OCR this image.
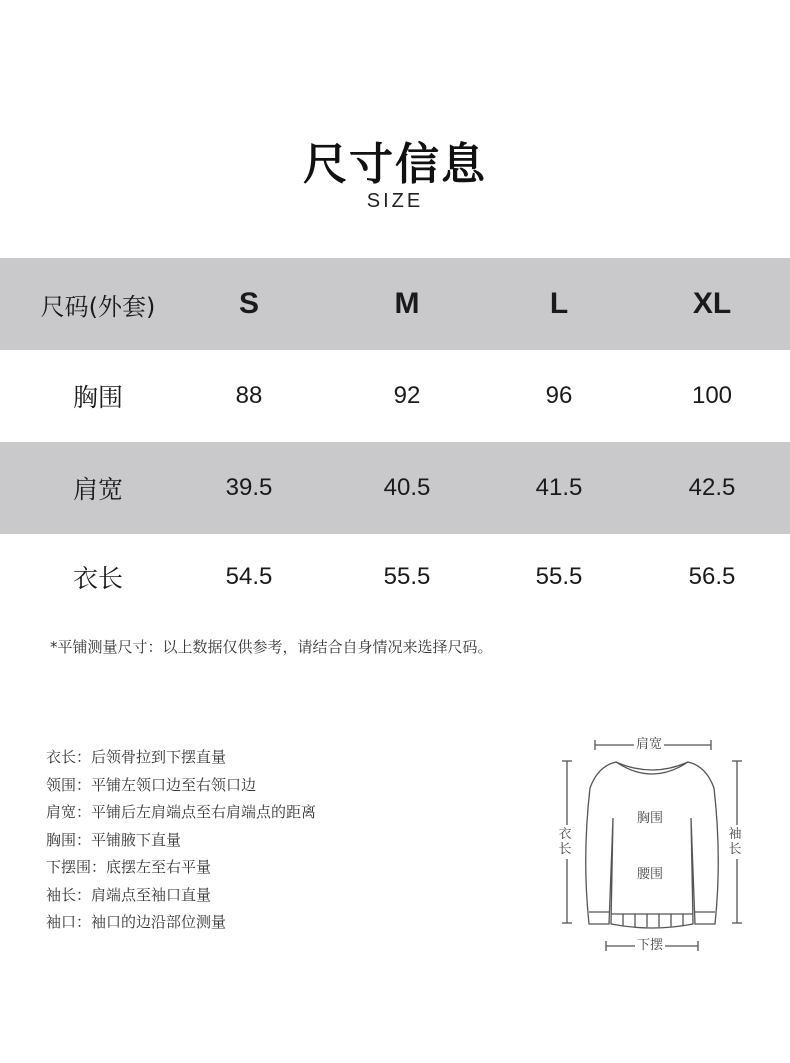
尺寸信息
SIZE
尺码(外套)	S	M	L	XL
胸围	88	92	96	100
肩宽	39.5	40.5	41.5	42.5
衣长	54.5	55.5	55.5	56.5
*平铺测量尺寸：以上数据仅供参考，请结合自身情况来选择尺码。
衣长：后领骨拉到下摆直量
领围：平铺左领口边至右领口边
肩宽：平铺后左肩端点至右肩端点的距离
胸围：平铺腋下直量
下摆围：底摆左至右平量
袖长：肩端点至袖口直量
袖口：袖口的边沿部位测量
肩宽
胸围
腰围
衣长
袖长
下摆
